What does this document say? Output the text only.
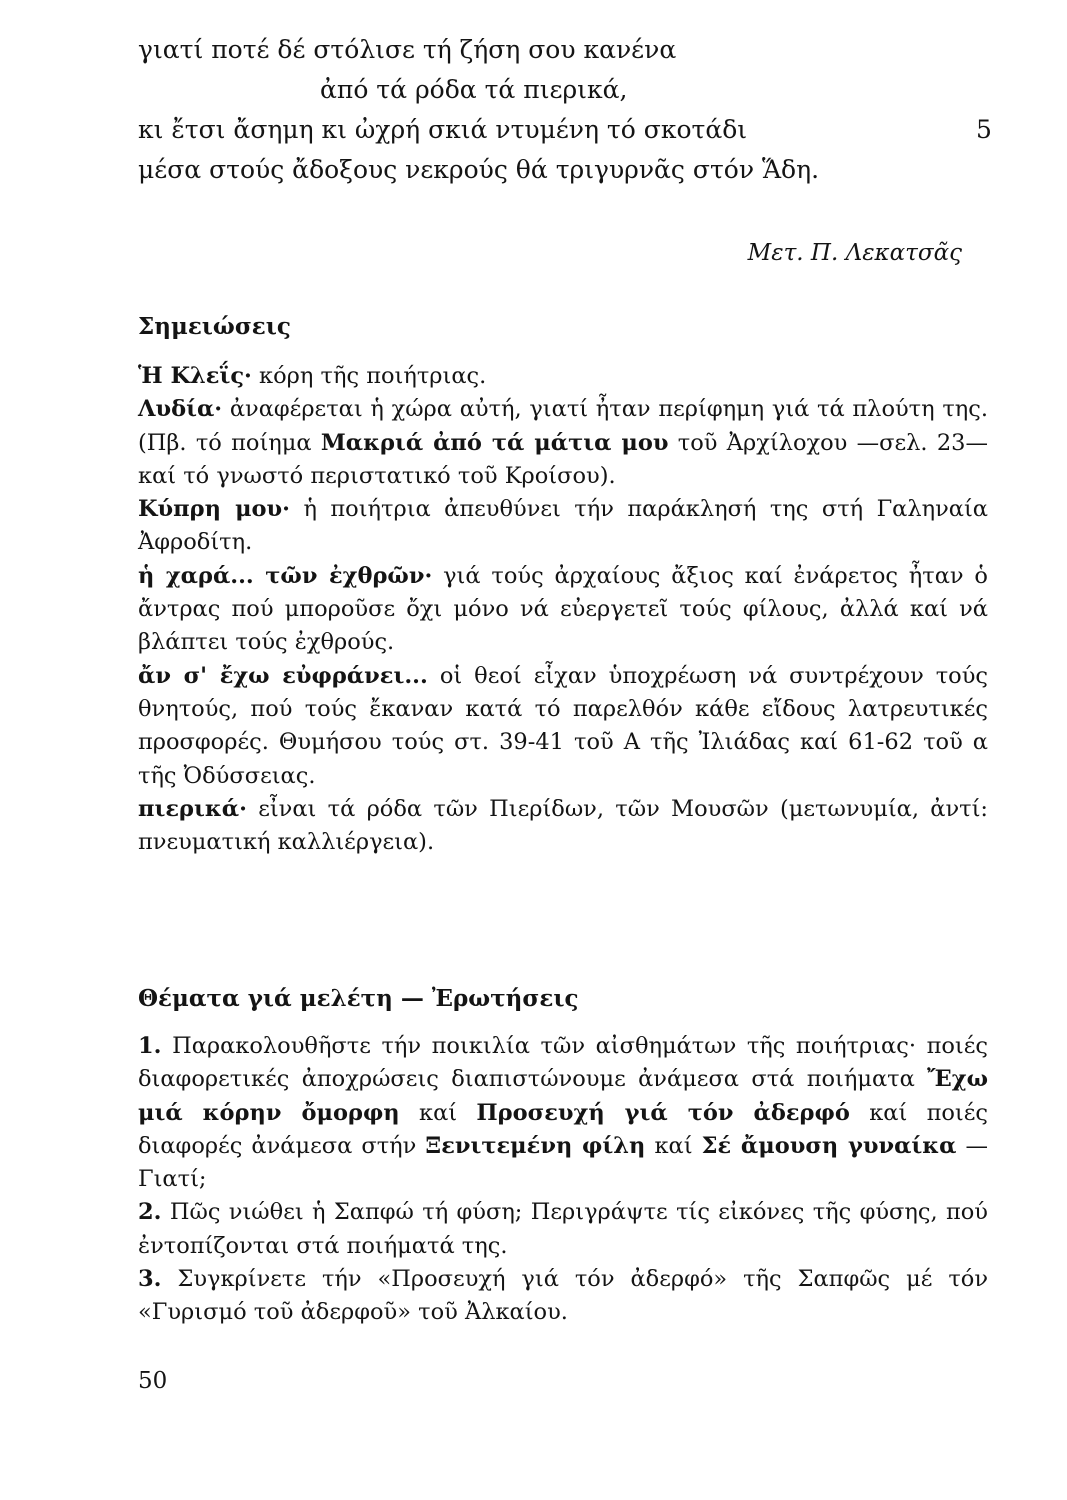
γιατί ποτέ δέ στόλισε τή ζήση σου κανένα
ἀπό τά ρόδα τά πιερικά,
κι ἔτσι ἄσημη κι ὠχρή σκιά ντυμένη τό σκοτάδι	5
μέσα στούς ἄδοξους νεκρούς θά τριγυρνᾶς στόν Ἅδη.
Μετ. Π. Λεκατσᾶς
Σημειώσεις

Ἡ Κλεΐς· κόρη τῆς ποιήτριας.

Λυδία· ἀναφέρεται ἡ χώρα αὐτή, γιατί ἦταν περίφημη γιά τά πλούτη της. (Πβ. τό ποίημα Μακριά ἀπό τά μάτια μου τοῦ Ἀρχίλοχου —σελ. 23— καί τό γνωστό περιστατικό τοῦ Κροίσου).

Κύπρη μου· ἡ ποιήτρια ἀπευθύνει τήν παράκλησή της στή Γαληναία Ἀφροδίτη.

ἡ χαρά... τῶν ἐχθρῶν· γιά τούς ἀρχαίους ἄξιος καί ἐνάρετος ἦταν ὁ ἄντρας πού μποροῦσε ὄχι μόνο νά εὐεργετεῖ τούς φίλους, ἀλλά καί νά βλάπτει τούς ἐχθρούς.

ἄν σ' ἔχω εὐφράνει... οἱ θεοί εἶχαν ὑποχρέωση νά συντρέχουν τούς θνητούς, πού τούς ἔκαναν κατά τό παρελθόν κάθε εἴδους λατρευτικές προσφορές. Θυμήσου τούς στ. 39-41 τοῦ Α τῆς Ἰλιάδας καί 61-62 τοῦ α τῆς Ὀδύσσειας.

πιερικά· εἶναι τά ρόδα τῶν Πιερίδων, τῶν Μουσῶν (μετωνυμία, ἀντί: πνευματική καλλιέργεια).

Θέματα γιά μελέτη — Ἐρωτήσεις

1. Παρακολουθῆστε τήν ποικιλία τῶν αἰσθημάτων τῆς ποιήτριας· ποιές διαφορετικές ἀποχρώσεις διαπιστώνουμε ἀνάμεσα στά ποιήματα Ἔχω μιά κόρην ὄμορφη καί Προσευχή γιά τόν ἀδερφό καί ποιές διαφορές ἀνάμεσα στήν Ξενιτεμένη φίλη καί Σέ ἄμουση γυναίκα — Γιατί;

2. Πῶς νιώθει ἡ Σαπφώ τή φύση; Περιγράψτε τίς εἰκόνες τῆς φύσης, πού ἐντοπίζονται στά ποιήματά της.

3. Συγκρίνετε τήν «Προσευχή γιά τόν ἀδερφό» τῆς Σαπφῶς μέ τόν «Γυρισμό τοῦ ἀδερφοῦ» τοῦ Ἀλκαίου.

50
